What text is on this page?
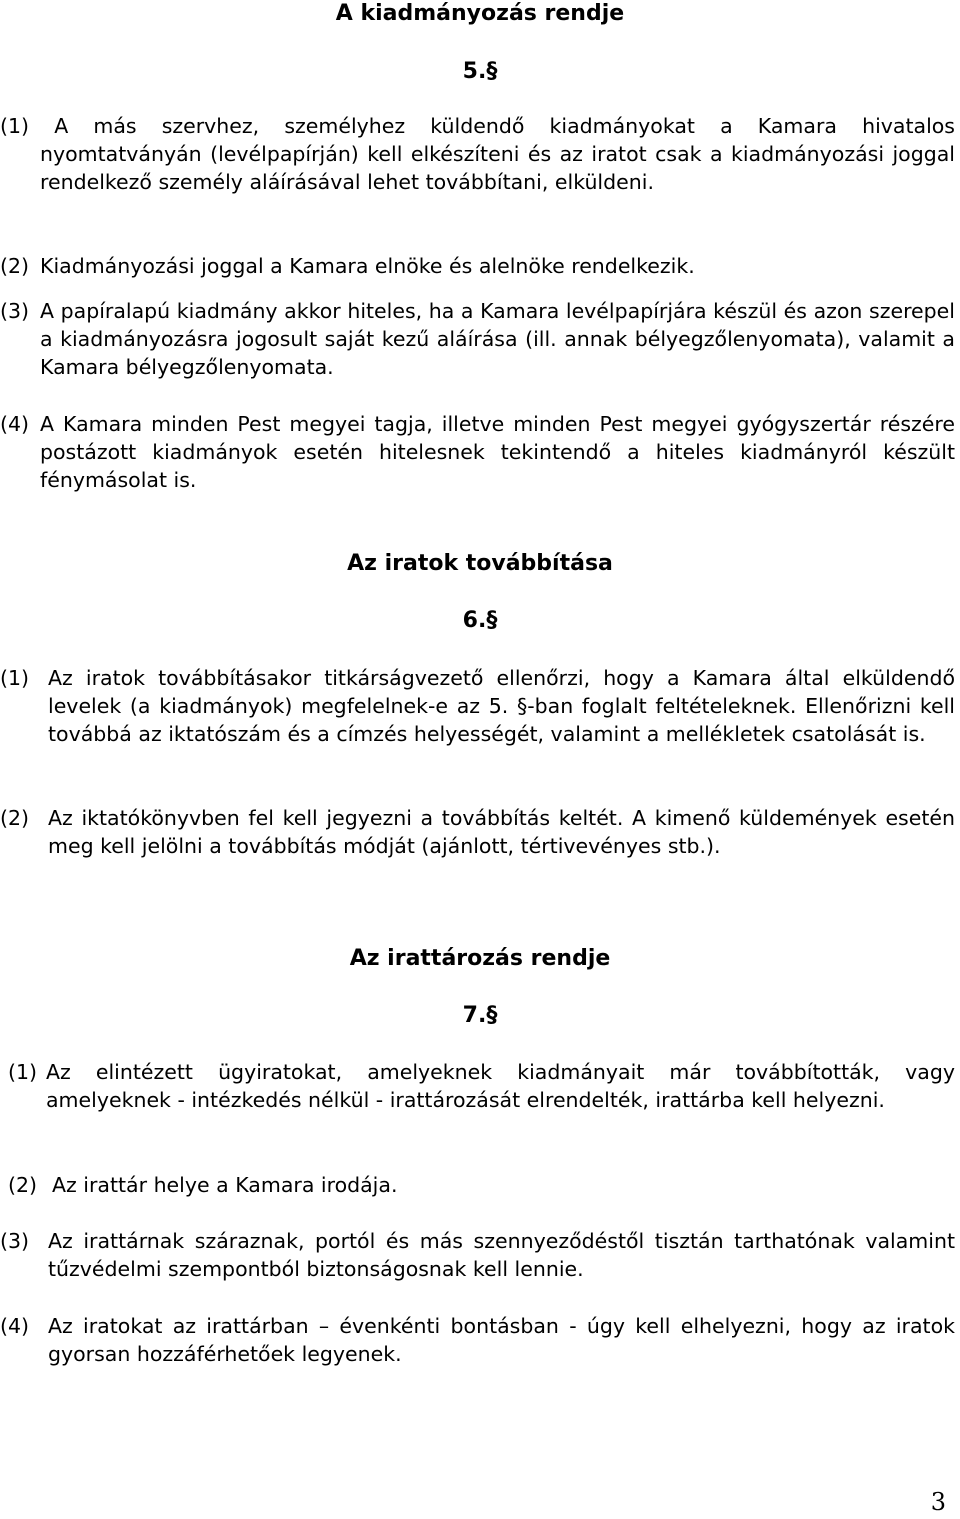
A kiadmányozás rendje
5.§

(1) A más szervhez, személyhez küldendő kiadmányokat a Kamara hivatalos nyomtatványán (levélpapírján) kell elkészíteni és az iratot csak a kiadmányozási joggal rendelkező személy aláírásával lehet továbbítani, elküldeni.

(2) Kiadmányozási joggal a Kamara elnöke és alelnöke rendelkezik.

(3) A papíralapú kiadmány akkor hiteles, ha a Kamara levélpapírjára készül és azon szerepel a kiadmányozásra jogosult saját kezű aláírása (ill. annak bélyegzőlenyomata), valamit a Kamara bélyegzőlenyomata.

(4) A Kamara minden Pest megyei tagja, illetve minden Pest megyei gyógyszertár részére postázott kiadmányok esetén hitelesnek tekintendő a hiteles kiadmányról készült fénymásolat is.

Az iratok továbbítása
6.§

(1) Az iratok továbbításakor titkárságvezető ellenőrzi, hogy a Kamara által elküldendő levelek (a kiadmányok) megfelelnek-e az 5. §-ban foglalt feltételeknek. Ellenőrizni kell továbbá az iktatószám és a címzés helyességét, valamint a mellékletek csatolását is.

(2) Az iktatókönyvben fel kell jegyezni a továbbítás keltét. A kimenő küldemények esetén meg kell jelölni a továbbítás módját (ajánlott, tértivevényes stb.).

Az irattározás rendje
7.§

(1) Az elintézett ügyiratokat, amelyeknek kiadmányait már továbbították, vagy amelyeknek - intézkedés nélkül - irattározását elrendelték, irattárba kell helyezni.

(2) Az irattár helye a Kamara irodája.

(3) Az irattárnak száraznak, portól és más szennyeződéstől tisztán tarthatónak valamint tűzvédelmi szempontból biztonságosnak kell lennie.

(4) Az iratokat az irattárban – évenkénti bontásban - úgy kell elhelyezni, hogy az iratok gyorsan hozzáférhetőek legyenek.

3
